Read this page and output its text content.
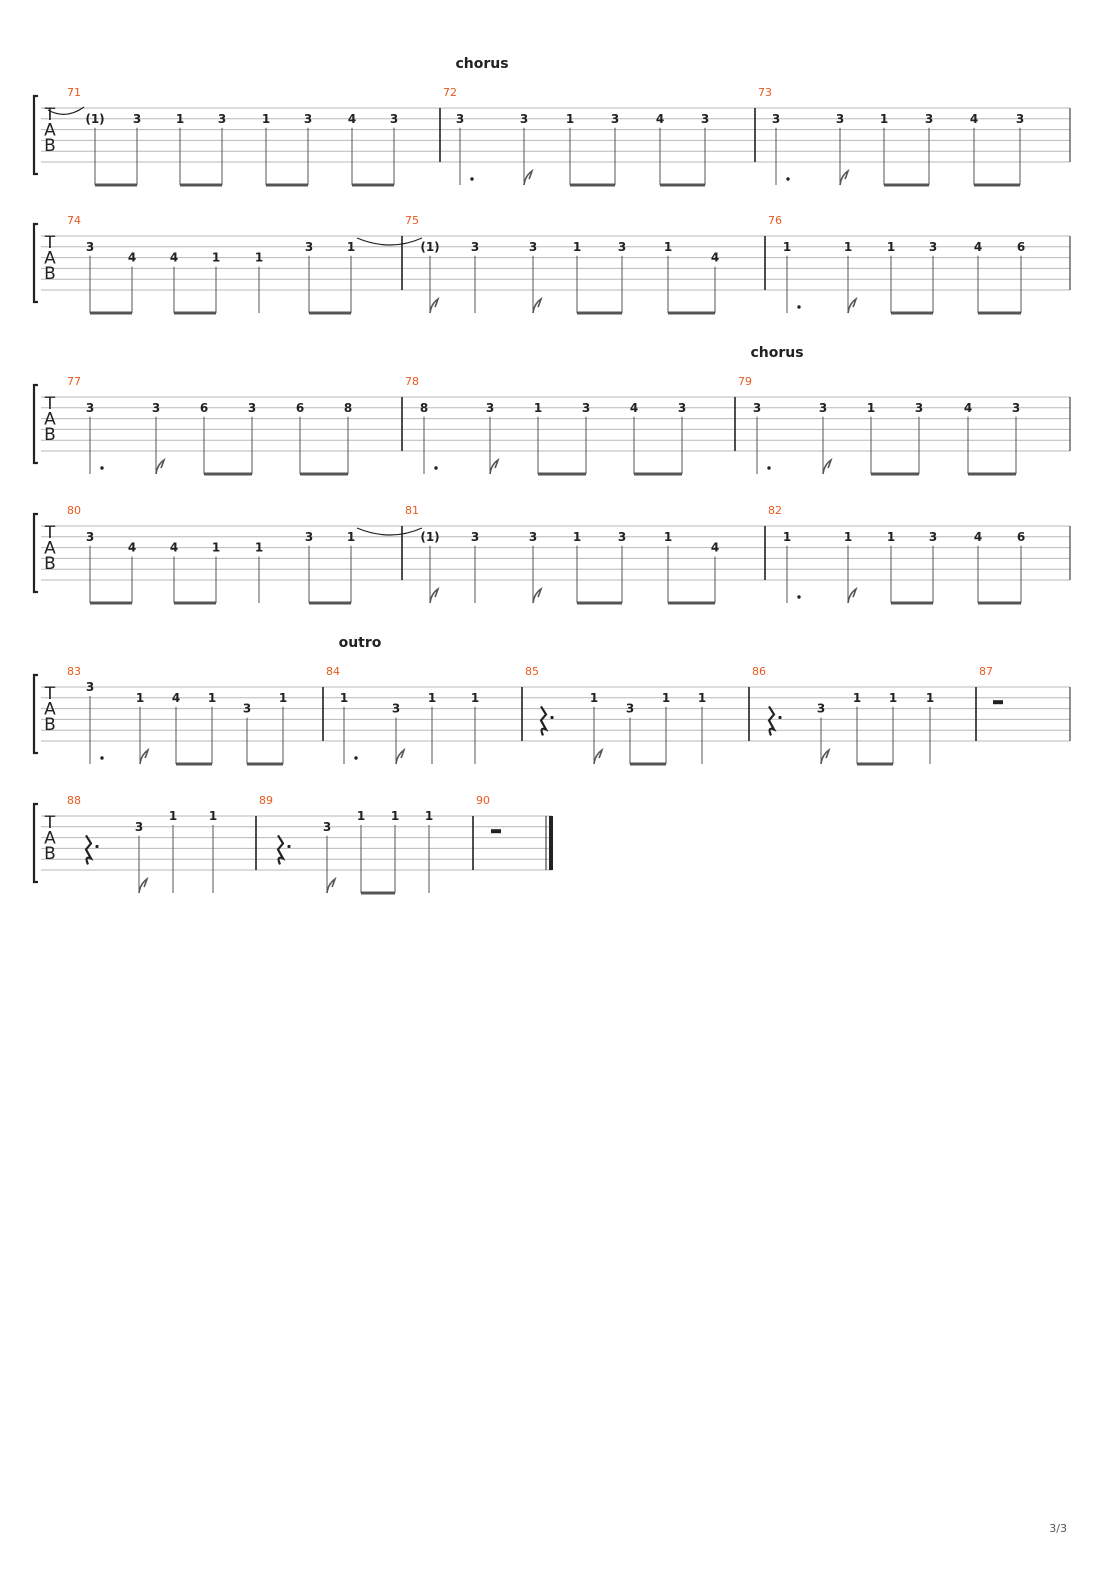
T
A
B
chorus
71
(1) 3	1	3	1	3	4	3
72
3	3	1	3	4	3
73
3	3	1	3	4	3
T
A
B
74
3
4	4	1	1
3	1
75
(1)	3	3	1	3	1
4
76
1	1	1	3	4	6
T
A
B
chorus
77
3	3	6	3	6	8
78
8	3	1	3	4	3
79
3	3	1	3	4	3
T
A
B
80
3
4	4	1	1
3	1
81
(1)	3	3	1	3	1
4
82
1	1	1	3	4	6
T
A
B
outro
83
3
1 4 1
3
1
84
1
3
1	1
85
1
3
1 1
86
3
1 1 1
87
T
A
B
88
3
1	1
89
3
1 1 1
90
3/3
